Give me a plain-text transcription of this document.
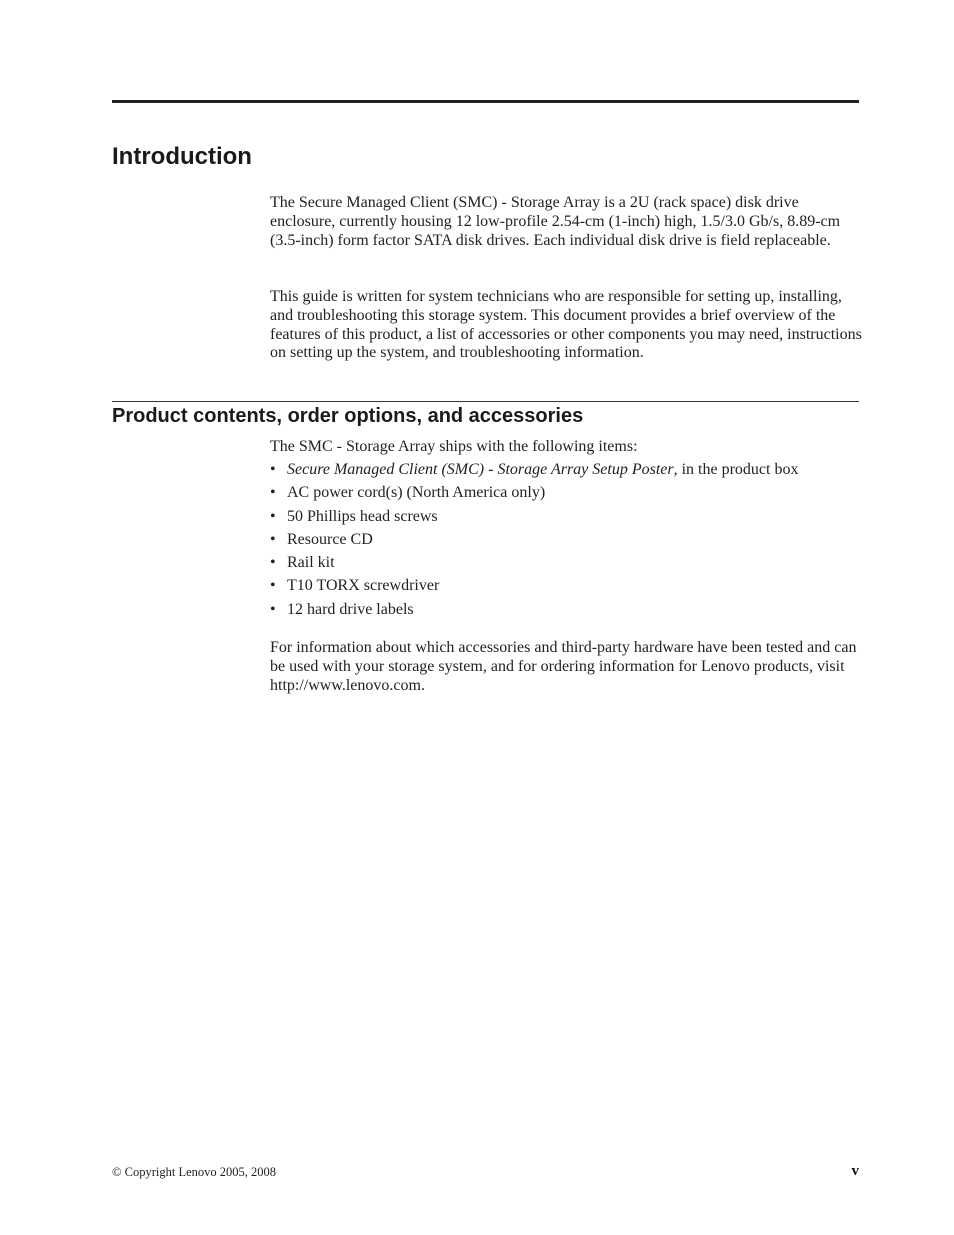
Introduction

The Secure Managed Client (SMC) - Storage Array is a 2U (rack space) disk drive enclosure, currently housing 12 low-profile 2.54-cm (1-inch) high, 1.5/3.0 Gb/s, 8.89-cm (3.5-inch) form factor SATA disk drives. Each individual disk drive is field replaceable.

This guide is written for system technicians who are responsible for setting up, installing, and troubleshooting this storage system. This document provides a brief overview of the features of this product, a list of accessories or other components you may need, instructions on setting up the system, and troubleshooting information.

Product contents, order options, and accessories

The SMC - Storage Array ships with the following items:

• Secure Managed Client (SMC) - Storage Array Setup Poster, in the product box
• AC power cord(s) (North America only)
• 50 Phillips head screws
• Resource CD
• Rail kit
• T10 TORX screwdriver
• 12 hard drive labels

For information about which accessories and third-party hardware have been tested and can be used with your storage system, and for ordering information for Lenovo products, visit http://www.lenovo.com.

© Copyright Lenovo 2005, 2008	v
